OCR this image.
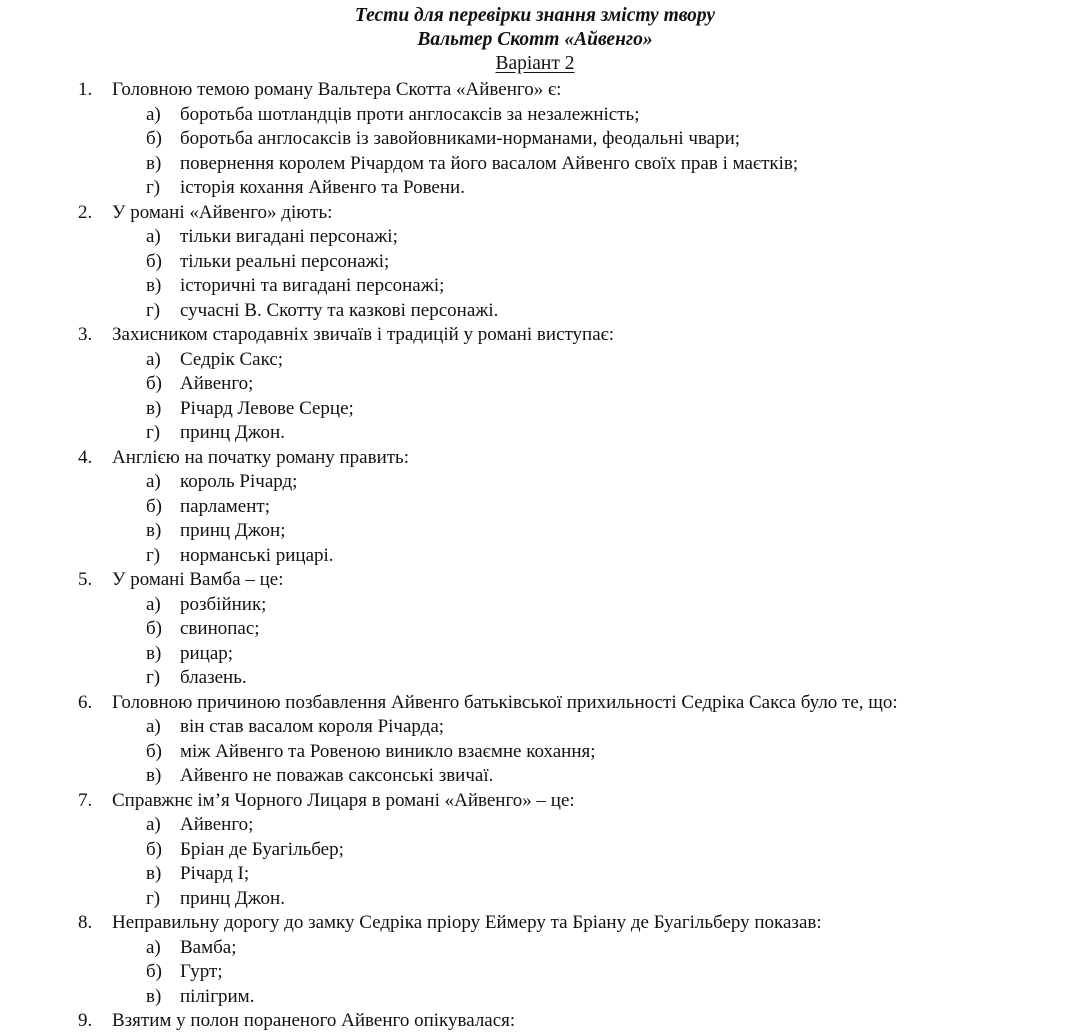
Тести для перевірки знання змісту твору
Вальтер Скотт «Айвенго»
Варіант 2
1.	Головною темою роману Вальтера Скотта «Айвенго» є:
а)	боротьба шотландців проти англосаксів за незалежність;
б) боротьба англосаксів із завойовниками-норманами, феодальні чвари;
в) повернення королем Річардом та його васалом Айвенго своїх прав і маєтків;
г)	історія кохання Айвенго та Ровени.
2.	У романі «Айвенго» діють:
а)	тільки вигадані персонажі;
б) тільки реальні персонажі;
в) історичні та вигадані персонажі;
г)	сучасні В. Скотту та казкові персонажі.
3.	Захисником стародавніх звичаїв і традицій у романі виступає:
а)	Седрік Сакс;
б) Айвенго;
в) Річард Левове Серце;
г)	принц Джон.
4.	Англією на початку роману править:
а)	король Річард;
б) парламент;
в) принц Джон;
г)	норманські рицарі.
5.	У романі Вамба – це:
а)	розбійник;
б) свинопас;
в) рицар;
г)	блазень.
6.	Головною причиною позбавлення Айвенго батьківської прихильності Седріка Сакса було те, що:
а)	він став васалом короля Річарда;
б) між Айвенго та Ровеною виникло взаємне кохання;
в) Айвенго не поважав саксонські звичаї.
7.	Справжнє ім’я Чорного Лицаря в романі «Айвенго» – це:
а)	Айвенго;
б) Бріан де Буагільбер;
в) Річард І;
г)	принц Джон.
8.	Неправильну дорогу до замку Седріка пріору Еймеру та Бріану де Буагільберу показав:
а)	Вамба;
б) Гурт;
в) пілігрим.
9.	Взятим у полон пораненого Айвенго опікувалася:
